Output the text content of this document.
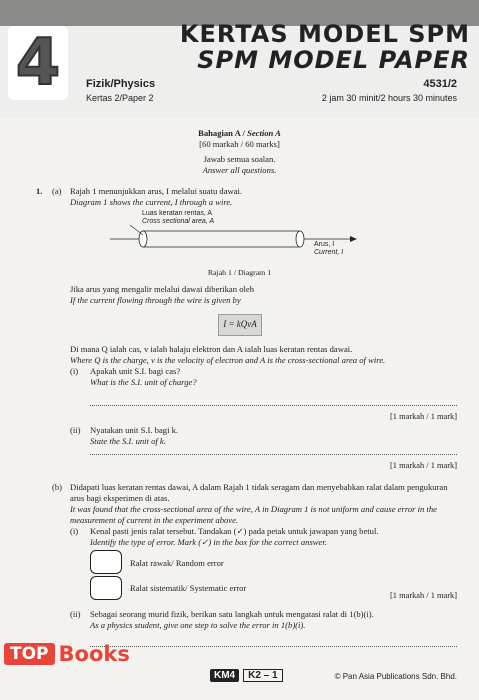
4	KERTAS MODEL SPM
SPM MODEL PAPER
Fizik/Physics
Kertas 2/Paper 2
4531/2
2 jam 30 minit/2 hours 30 minutes
Bahagian A / Section A
[60 markah / 60 marks]
Jawab semua soalan.
Answer all questions.
1. (a) Rajah 1 menunjukkan arus, I melalui suatu dawai.
Diagram 1 shows the current, I through a wire.
Luas keratan rentas, A
Cross sectional area, A
Arus, I
Current, I
Rajah 1 / Diagram 1
Jika arus yang mengalir melalui dawai diberikan oleh
If the current flowing through the wire is given by
I = kQvA
Di mana Q ialah cas, v ialah halaju elektron dan A ialah luas keratan rentas dawai.
Where Q is the charge, v is the velocity of electron and A is the cross-sectional area of wire.
(i) Apakah unit S.I. bagi cas?
What is the S.I. unit of charge?
[1 markah / 1 mark]
(ii) Nyatakan unit S.I. bagi k.
State the S.I. unit of k.
[1 markah / 1 mark]
(b) Didapati luas keratan rentas dawai, A dalam Rajah 1 tidak seragam dan menyebabkan ralat dalam pengukuran arus bagi eksperimen di atas.
It was found that the cross-sectional area of the wire, A in Diagram 1 is not uniform and cause error in the measurement of current in the experiment above.
(i) Kenal pasti jenis ralat tersebut. Tandakan (✓) pada petak untuk jawapan yang betul.
Identify the type of error. Mark (✓) in the box for the correct answer.
Ralat rawak/ Random error
Ralat sistematik/ Systematic error
[1 markah / 1 mark]
(ii) Sebagai seorang murid fizik, berikan satu langkah untuk mengatasi ralat di 1(b)(i).
As a physics student, give one step to solve the error in 1(b)(i).
TOP Books
KM4	K2 – 1	© Pan Asia Publications Sdn. Bhd.
